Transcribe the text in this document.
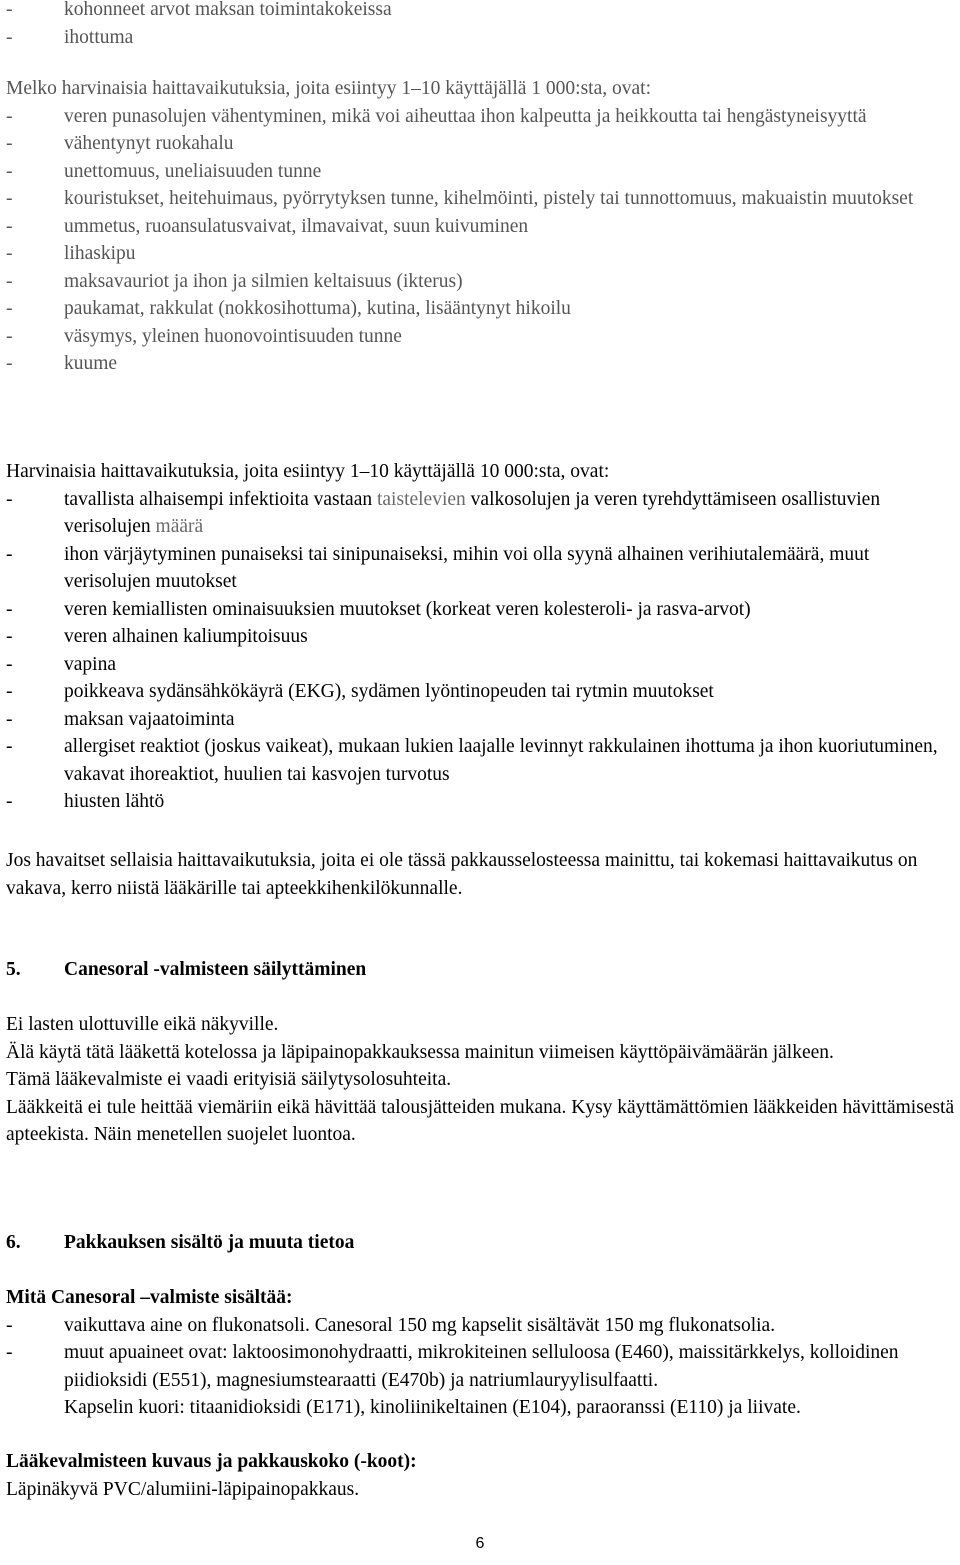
- kohonneet arvot maksan toimintakokeissa
- ihottuma

Melko harvinaisia haittavaikutuksia, joita esiintyy 1–10 käyttäjällä 1 000:sta, ovat:

- veren punasolujen vähentyminen, mikä voi aiheuttaa ihon kalpeutta ja heikkoutta tai hengästyneisyyttä
- vähentynyt ruokahalu
- unettomuus, uneliaisuuden tunne
- kouristukset, heitehuimaus, pyörrytyksen tunne, kihelmöinti, pistely tai tunnottomuus, makuaistin muutokset
- ummetus, ruoansulatusvaivat, ilmavaivat, suun kuivuminen
- lihaskipu
- maksavauriot ja ihon ja silmien keltaisuus (ikterus)
- paukamat, rakkulat (nokkosihottuma), kutina, lisääntynyt hikoilu
- väsymys, yleinen huonovointisuuden tunne
- kuume

Harvinaisia haittavaikutuksia, joita esiintyy 1–10 käyttäjällä 10 000:sta, ovat:

- tavallista alhaisempi infektioita vastaan taistelevien valkosolujen ja veren tyrehdyttämiseen osallistuvien verisolujen määrä
- ihon värjäytyminen punaiseksi tai sinipunaiseksi, mihin voi olla syynä alhainen verihiutalemäärä, muut verisolujen muutokset
- veren kemiallisten ominaisuuksien muutokset (korkeat veren kolesteroli- ja rasva-arvot)
- veren alhainen kaliumpitoisuus
- vapina
- poikkeava sydänsähkökäyrä (EKG), sydämen lyöntinopeuden tai rytmin muutokset
- maksan vajaatoiminta
- allergiset reaktiot (joskus vaikeat), mukaan lukien laajalle levinnyt rakkulainen ihottuma ja ihon kuoriutuminen, vakavat ihoreaktiot, huulien tai kasvojen turvotus
- hiusten lähtö

Jos havaitset sellaisia haittavaikutuksia, joita ei ole tässä pakkausselosteessa mainittu, tai kokemasi haittavaikutus on vakava, kerro niistä lääkärille tai apteekkihenkilökunnalle.

5. Canesoral -valmisteen säilyttäminen

Ei lasten ulottuville eikä näkyville.

Älä käytä tätä lääkettä kotelossa ja läpipainopakkauksessa mainitun viimeisen käyttöpäivämäärän jälkeen.

Tämä lääkevalmiste ei vaadi erityisiä säilytysolosuhteita.

Lääkkeitä ei tule heittää viemäriin eikä hävittää talousjätteiden mukana. Kysy käyttämättömien lääkkeiden hävittämisestä apteekista. Näin menetellen suojelet luontoa.

6. Pakkauksen sisältö ja muuta tietoa

Mitä Canesoral –valmiste sisältää:

- vaikuttava aine on flukonatsoli. Canesoral 150 mg kapselit sisältävät 150 mg flukonatsolia.
- muut apuaineet ovat: laktoosimonohydraatti, mikrokiteinen selluloosa (E460), maissitärkkelys, kolloidinen piidioksidi (E551), magnesiumstearaatti (E470b) ja natriumlauryylisulfaatti.

Kapselin kuori: titaanidioksidi (E171), kinoliinikeltainen (E104), paraoranssi (E110) ja liivate.

Lääkevalmisteen kuvaus ja pakkauskoko (-koot):

Läpinäkyvä PVC/alumiini-läpipainopakkaus.

6
